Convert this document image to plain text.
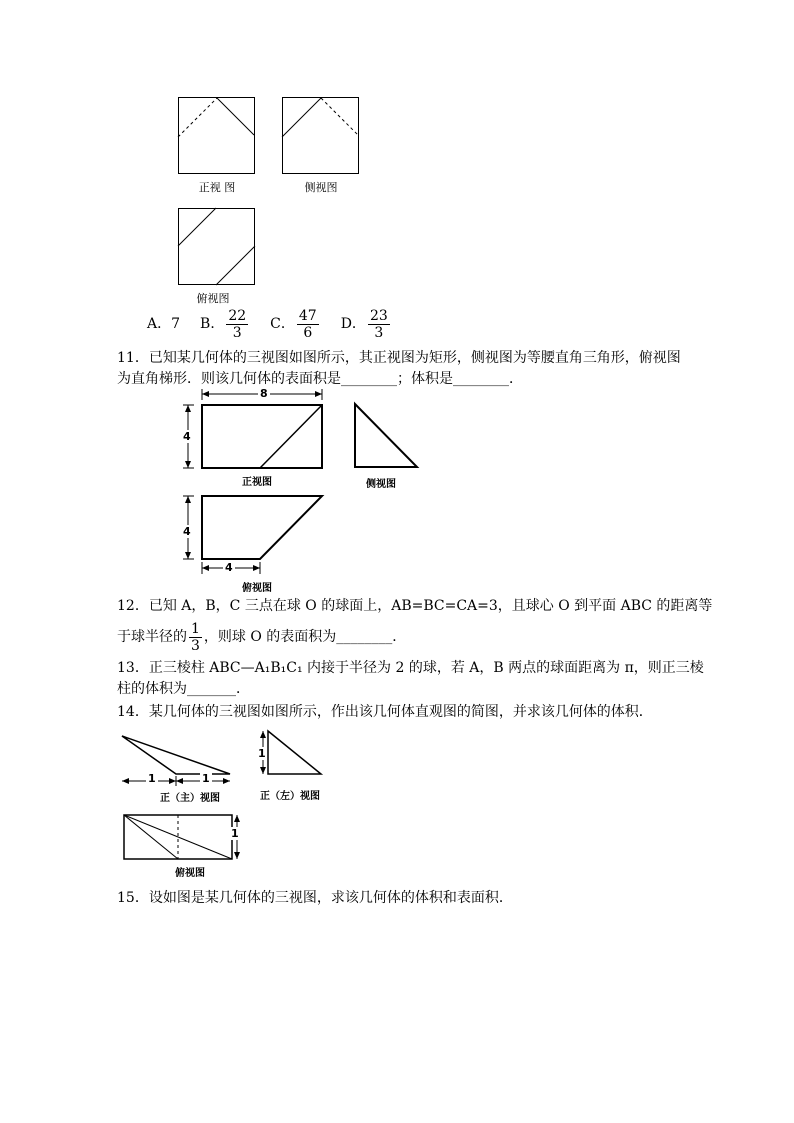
正视 图	侧视图
俯视图
A．7 B． $\frac{22}{3}$ C． $\frac{47}{6}$ D． $\frac{23}{3}$
11．已知某几何体的三视图如图所示，其正视图为矩形，侧视图为等腰直角三角形，俯视图
为直角梯形．则该几何体的表面积是________；体积是________．
8
4
正视图	侧视图
4
4
俯视图
12．已知 A，B，C 三点在球 O 的球面上，AB=BC=CA=3，且球心 O 到平面 ABC 的距离等
于球半径的 $\frac{1}{3}$ ，则球 O 的表面积为________．
13．正三棱柱 ABC—A₁B₁C₁ 内接于半径为 2 的球，若 A，B 两点的球面距离为 π，则正三棱
柱的体积为_______．
14．某几何体的三视图如图所示，作出该几何体直观图的简图，并求该几何体的体积．
1	1
正（主）视图
1
正（左）视图
1
俯视图
15．设如图是某几何体的三视图，求该几何体的体积和表面积．
